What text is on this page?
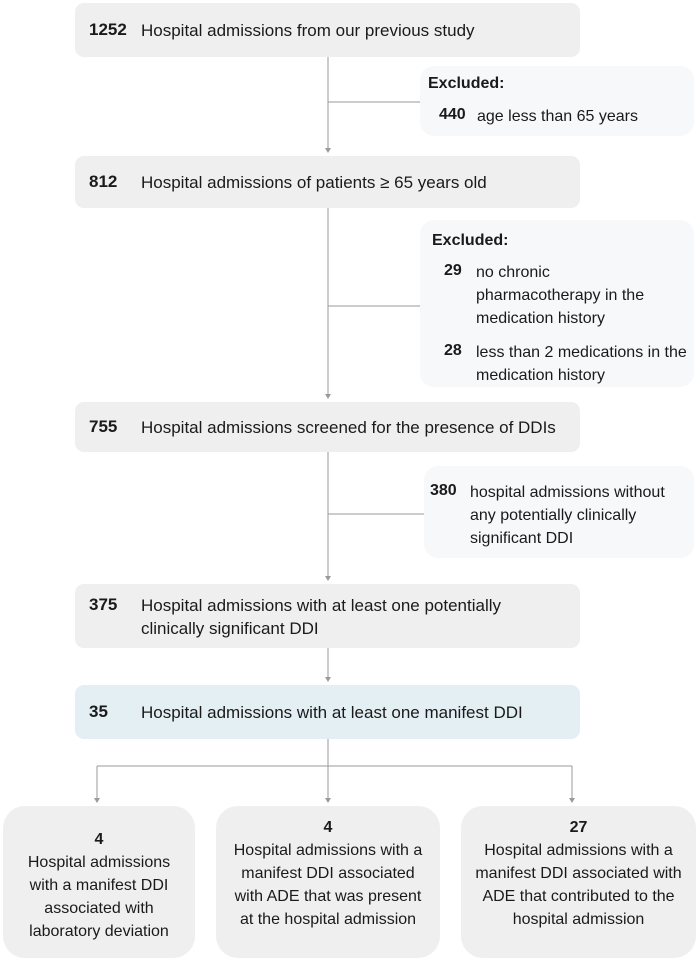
1252 Hospital admissions from our previous study
812 Hospital admissions of patients ≥ 65 years old
755 Hospital admissions screened for the presence of DDIs
375 Hospital admissions with at least one potentially clinically significant DDI
35 Hospital admissions with at least one manifest DDI
Excluded:
440 age less than 65 years
Excluded:
29 no chronic pharmacotherapy in the medication history
28 less than 2 medications in the medication history
380 hospital admissions without any potentially clinically significant DDI
4
Hospital admissions with a manifest DDI associated with laboratory deviation
4
Hospital admissions with a manifest DDI associated with ADE that was present at the hospital admission
27
Hospital admissions with a manifest DDI associated with ADE that contributed to the hospital admission
